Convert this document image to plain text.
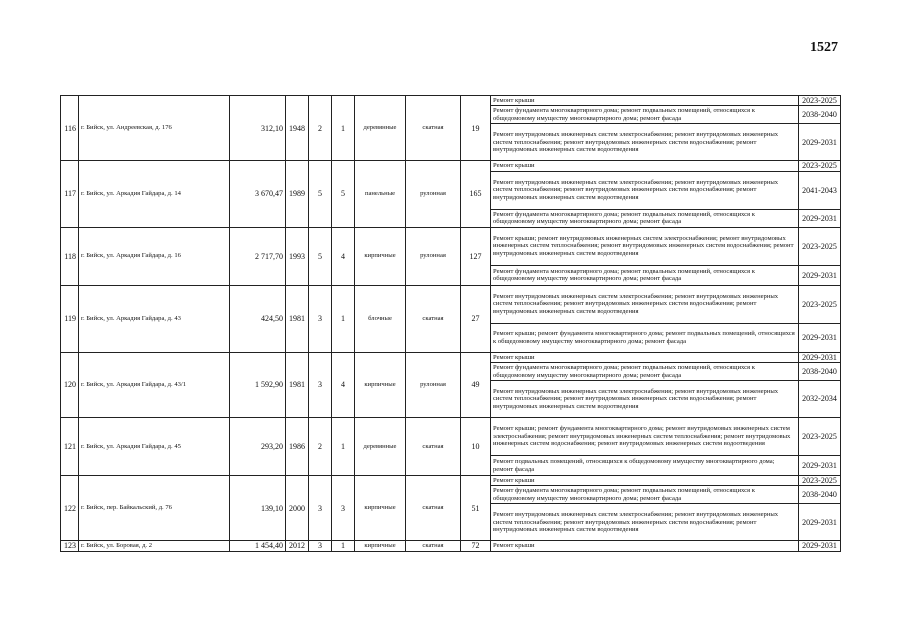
1527
116	г. Бийск, ул. Андреевская, д. 176	312,10	1948	2	1	деревянные	скатная	19	Ремонт крыши	2023-2025
									Ремонт фундамента многоквартирного дома; ремонт подвальных помещений, относящихся к общедомовому имуществу многоквартирного дома; ремонт фасада	2038-2040
									Ремонт внутридомовых инженерных систем электроснабжения; ремонт внутридомовых инженерных систем теплоснабжения; ремонт внутридомовых инженерных систем водоснабжения; ремонт внутридомовых инженерных систем водоотведения	2029-2031
117	г. Бийск, ул. Аркадия Гайдара, д. 14	3 670,47	1989	5	5	панельные	рулонная	165	Ремонт крыши	2023-2025
									Ремонт внутридомовых инженерных систем электроснабжения; ремонт внутридомовых инженерных систем теплоснабжения; ремонт внутридомовых инженерных систем водоснабжения; ремонт внутридомовых инженерных систем водоотведения	2041-2043
									Ремонт фундамента многоквартирного дома; ремонт подвальных помещений, относящихся к общедомовому имуществу многоквартирного дома; ремонт фасада	2029-2031
118	г. Бийск, ул. Аркадия Гайдара, д. 16	2 717,70	1993	5	4	кирпичные	рулонная	127	Ремонт крыши; ремонт внутридомовых инженерных систем электроснабжения; ремонт внутридомовых инженерных систем теплоснабжения; ремонт внутридомовых инженерных систем водоснабжения; ремонт внутридомовых инженерных систем водоотведения	2023-2025
									Ремонт фундамента многоквартирного дома; ремонт подвальных помещений, относящихся к общедомовому имуществу многоквартирного дома; ремонт фасада	2029-2031
119	г. Бийск, ул. Аркадия Гайдара, д. 43	424,50	1981	3	1	блочные	скатная	27	Ремонт внутридомовых инженерных систем электроснабжения; ремонт внутридомовых инженерных систем теплоснабжения; ремонт внутридомовых инженерных систем водоснабжения; ремонт внутридомовых инженерных систем водоотведения	2023-2025
									Ремонт крыши; ремонт фундамента многоквартирного дома; ремонт подвальных помещений, относящихся к общедомовому имуществу многоквартирного дома; ремонт фасада	2029-2031
120	г. Бийск, ул. Аркадия Гайдара, д. 43/1	1 592,90	1981	3	4	кирпичные	рулонная	49	Ремонт крыши	2029-2031
									Ремонт фундамента многоквартирного дома; ремонт подвальных помещений, относящихся к общедомовому имуществу многоквартирного дома; ремонт фасада	2038-2040
									Ремонт внутридомовых инженерных систем электроснабжения; ремонт внутридомовых инженерных систем теплоснабжения; ремонт внутридомовых инженерных систем водоснабжения; ремонт внутридомовых инженерных систем водоотведения	2032-2034
121	г. Бийск, ул. Аркадия Гайдара, д. 45	293,20	1986	2	1	деревянные	скатная	10	Ремонт крыши; ремонт фундамента многоквартирного дома; ремонт внутридомовых инженерных систем электроснабжения; ремонт внутридомовых инженерных систем теплоснабжения; ремонт внутридомовых инженерных систем водоснабжения; ремонт внутридомовых инженерных систем водоотведения	2023-2025
									Ремонт подвальных помещений, относящихся к общедомовому имуществу многоквартирного дома; ремонт фасада	2029-2031
122	г. Бийск, пер. Байкальский, д. 76	139,10	2000	3	3	кирпичные	скатная	51	Ремонт крыши	2023-2025
									Ремонт фундамента многоквартирного дома; ремонт подвальных помещений, относящихся к общедомовому имуществу многоквартирного дома; ремонт фасада	2038-2040
									Ремонт внутридомовых инженерных систем электроснабжения; ремонт внутридомовых инженерных систем теплоснабжения; ремонт внутридомовых инженерных систем водоснабжения; ремонт внутридомовых инженерных систем водоотведения	2029-2031
123	г. Бийск, ул. Боровая, д. 2	1 454,40	2012	3	1	кирпичные	скатная	72	Ремонт крыши	2029-2031
